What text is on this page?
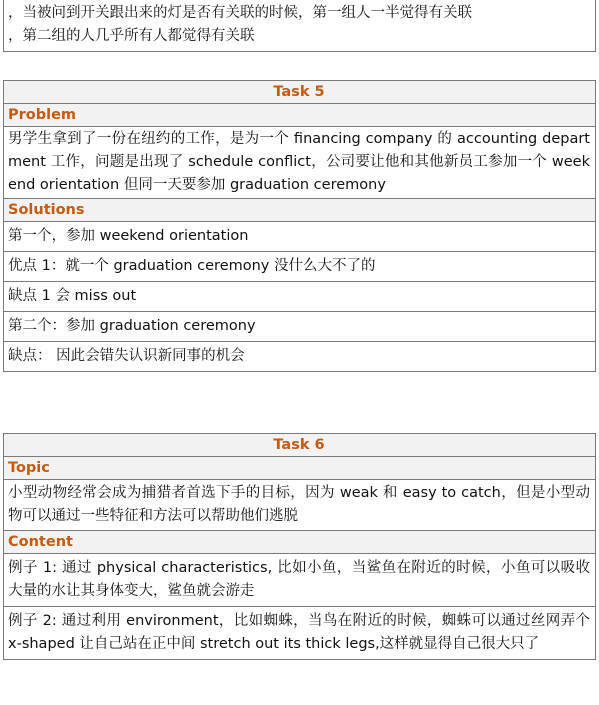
，当被问到开关跟出来的灯是否有关联的时候，第一组人一半觉得有关联
，第二组的人几乎所有人都觉得有关联
Task 5
Problem
男学生拿到了一份在纽约的工作，是为一个 financing company 的 accounting department 工作，问题是出现了 schedule conflict，公司要让他和其他新员工参加一个 weekend orientation 但同一天要参加 graduation ceremony
Solutions
第一个，参加 weekend orientation
优点 1：就一个 graduation ceremony 没什么大不了的
缺点 1 会 miss out
第二个：参加 graduation ceremony
缺点： 因此会错失认识新同事的机会
Task 6
Topic
小型动物经常会成为捕猎者首选下手的目标，因为 weak 和 easy to catch，但是小型动物可以通过一些特征和方法可以帮助他们逃脱
Content
例子 1: 通过 physical characteristics, 比如小鱼，当鲨鱼在附近的时候，小鱼可以吸收大量的水让其身体变大，鲨鱼就会游走
例子 2: 通过利用 environment，比如蜘蛛，当鸟在附近的时候，蜘蛛可以通过丝网弄个 x-shaped 让自己站在正中间 stretch out its thick legs,这样就显得自己很大只了
